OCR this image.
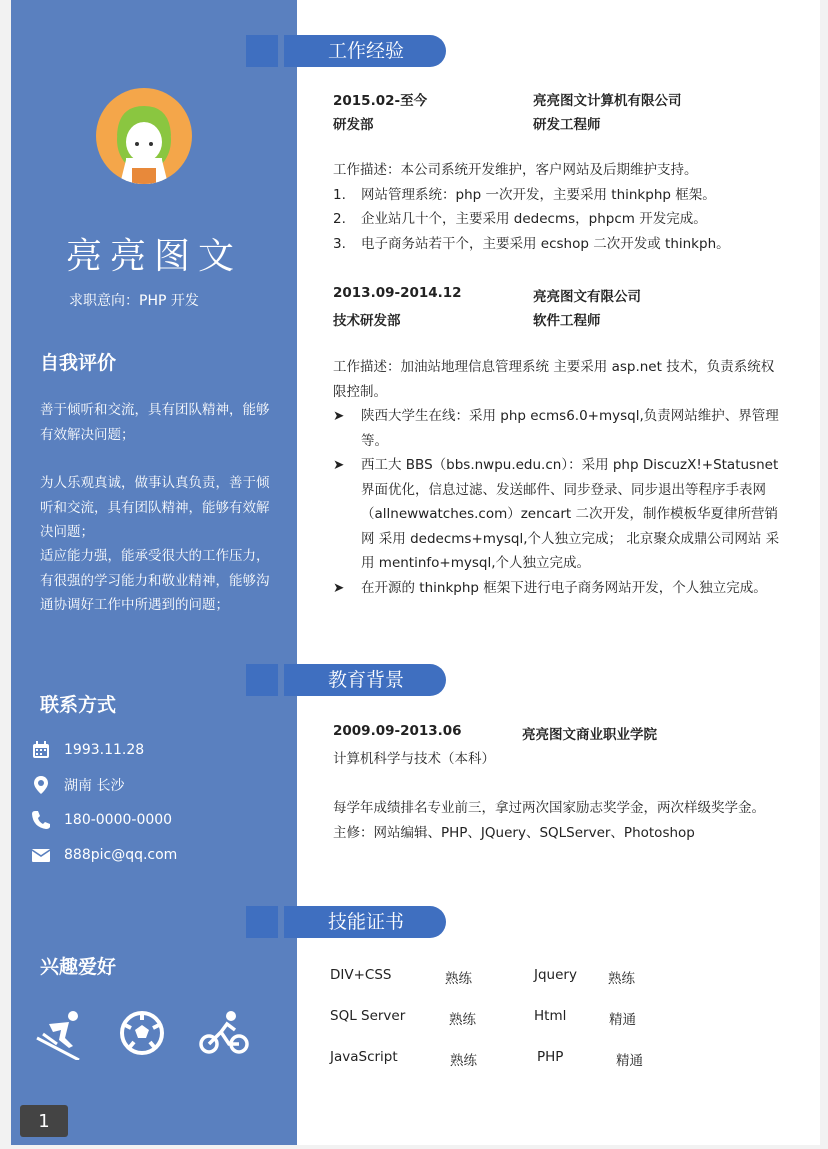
亮亮图文
求职意向：PHP 开发
自我评价
善于倾听和交流，具有团队精神，能够有效解决问题；
为人乐观真诚，做事认真负责，善于倾听和交流，具有团队精神，能够有效解决问题；
适应能力强，能承受很大的工作压力，有很强的学习能力和敬业精神，能够沟通协调好工作中所遇到的问题；
联系方式
1993.11.28
湖南 长沙
180-0000-0000
888pic@qq.com
兴趣爱好
1
工作经验
2015.02-至今	亮亮图文计算机有限公司
研发部	研发工程师
工作描述：本公司系统开发维护，客户网站及后期维护支持。
1.	网站管理系统：php 一次开发，主要采用 thinkphp 框架。
2.	企业站几十个，主要采用 dedecms，phpcm 开发完成。
3.	电子商务站若干个，主要采用 ecshop 二次开发或 thinkph。
2013.09-2014.12	亮亮图文有限公司
技术研发部	软件工程师
工作描述：加油站地理信息管理系统 主要采用 asp.net 技术，负责系统权限控制。
➤	陕西大学生在线：采用 php ecms6.0+mysql,负责网站维护、界管理等。
➤	西工大 BBS（bbs.nwpu.edu.cn）：采用 php DiscuzX!+Statusnet 界面优化，信息过滤、发送邮件、同步登录、同步退出等程序手表网（allnewwatches.com）zencart 二次开发，制作模板华夏律所营销网 采用 dedecms+mysql,个人独立完成； 北京聚众成鼎公司网站 采用 mentinfo+mysql,个人独立完成。
➤	在开源的 thinkphp 框架下进行电子商务网站开发，个人独立完成。
教育背景
2009.09-2013.06	亮亮图文商业职业学院
计算机科学与技术（本科）
每学年成绩排名专业前三，拿过两次国家励志奖学金，两次样级奖学金。
主修：网站编辑、PHP、JQuery、SQLServer、Photoshop
技能证书
DIV+CSS	熟练	Jquery 熟练
SQL Server	熟练	Html	精通
JavaScript	熟练	PHP	精通
